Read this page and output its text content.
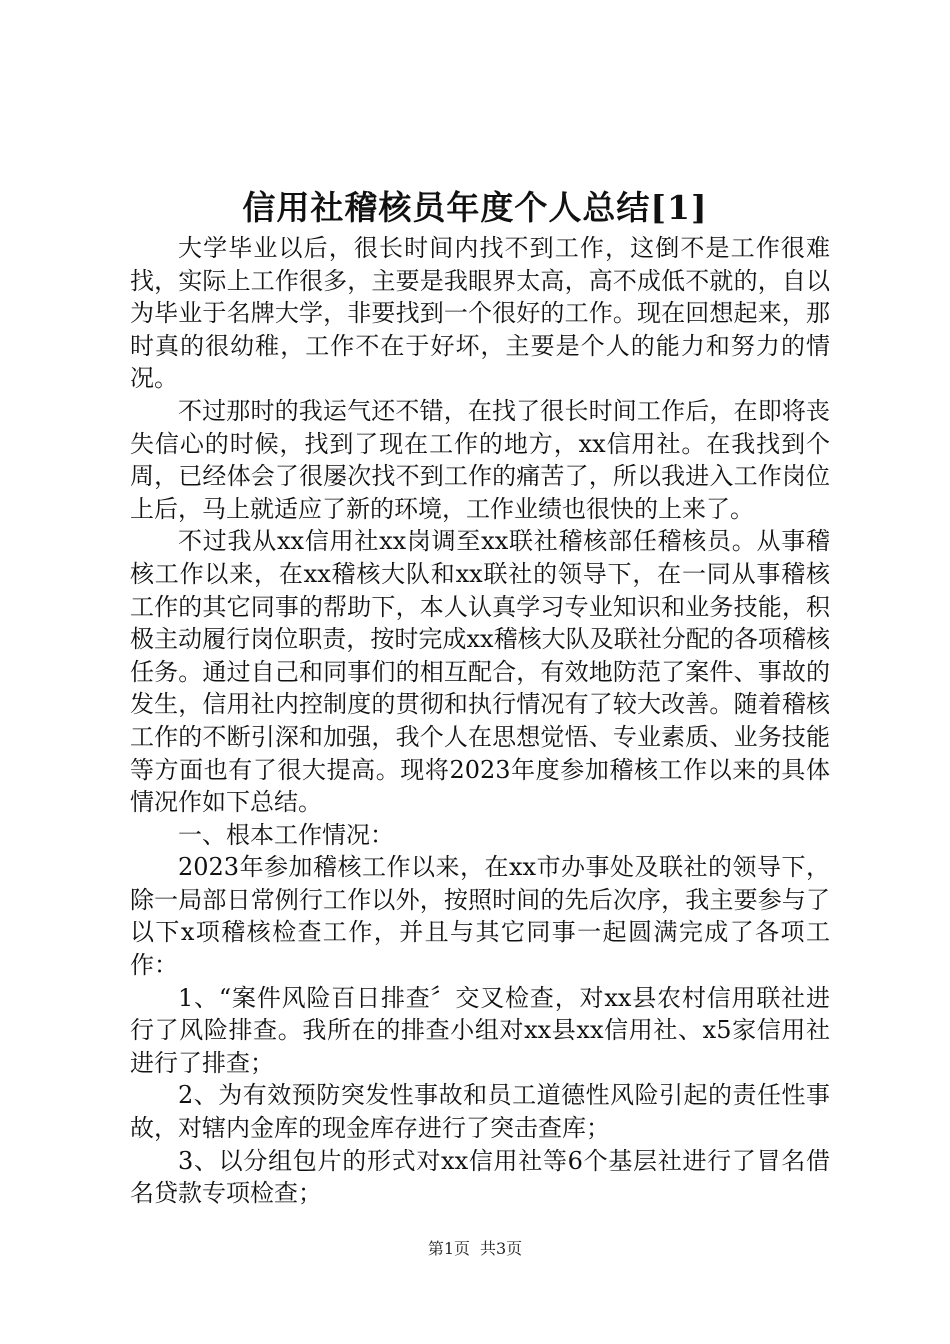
信用社稽核员年度个人总结[1]

大学毕业以后，很长时间内找不到工作，这倒不是工作很难找，实际上工作很多，主要是我眼界太高，高不成低不就的，自以为毕业于名牌大学，非要找到一个很好的工作。现在回想起来，那时真的很幼稚，工作不在于好坏，主要是个人的能力和努力的情况。

不过那时的我运气还不错，在找了很长时间工作后，在即将丧失信心的时候，找到了现在工作的地方，xx信用社。在我找到个周，已经体会了很屡次找不到工作的痛苦了，所以我进入工作岗位上后，马上就适应了新的环境，工作业绩也很快的上来了。

不过我从xx信用社xx岗调至xx联社稽核部任稽核员。从事稽核工作以来，在xx稽核大队和xx联社的领导下，在一同从事稽核工作的其它同事的帮助下，本人认真学习专业知识和业务技能，积极主动履行岗位职责，按时完成xx稽核大队及联社分配的各项稽核任务。通过自己和同事们的相互配合，有效地防范了案件、事故的发生，信用社内控制度的贯彻和执行情况有了较大改善。随着稽核工作的不断引深和加强，我个人在思想觉悟、专业素质、业务技能等方面也有了很大提高。现将2023年度参加稽核工作以来的具体情况作如下总结。

一、根本工作情况：

2023年参加稽核工作以来，在xx市办事处及联社的领导下，除一局部日常例行工作以外，按照时间的先后次序，我主要参与了以下x项稽核检查工作，并且与其它同事一起圆满完成了各项工作：

1、“案件风险百日排查〞交叉检查，对xx县农村信用联社进行了风险排查。我所在的排查小组对xx县xx信用社、x5家信用社进行了排查；

2、为有效预防突发性事故和员工道德性风险引起的责任性事故，对辖内金库的现金库存进行了突击查库；

3、以分组包片的形式对xx信用社等6个基层社进行了冒名借名贷款专项检查；

第1页 共3页
